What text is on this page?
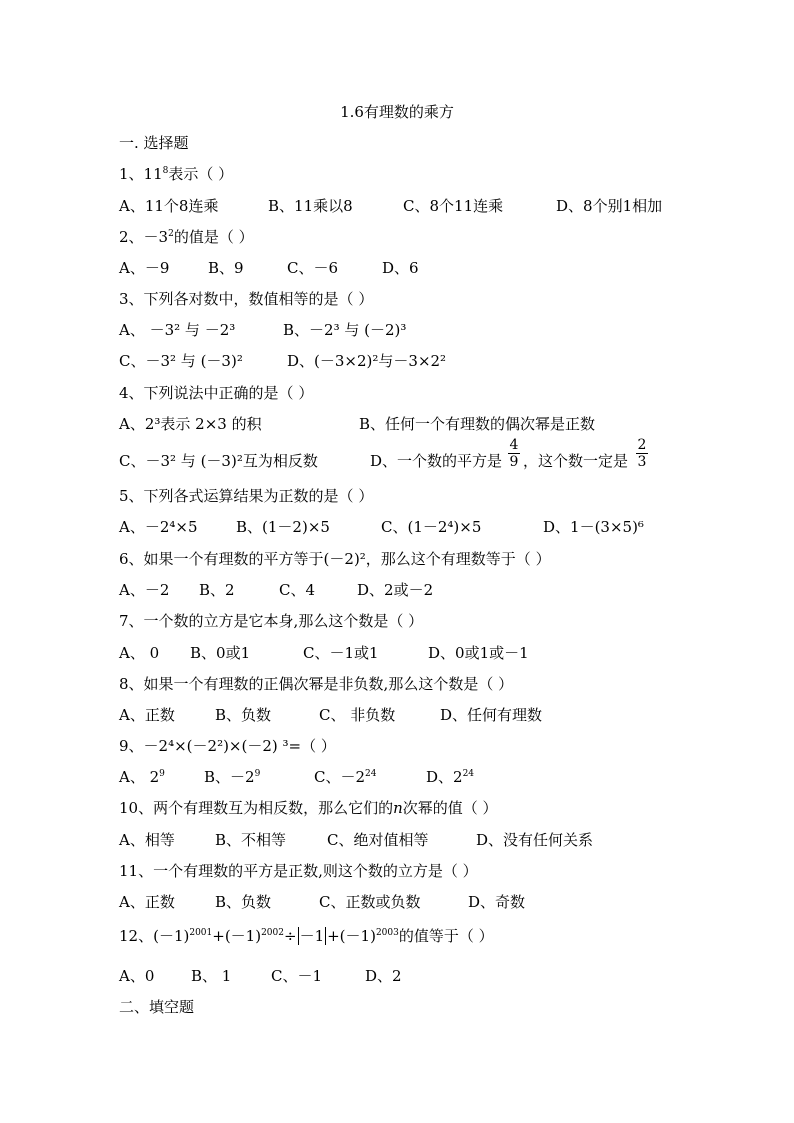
1.6有理数的乘方
一. 选择题
1、$11^8$表示（ ）
A、11个8连乘	B、11乘以8	C、8个11连乘	D、8个别1相加
2、$-3^2$的值是（ ）
A、－9	B、9	C、－6	D、6
3、下列各对数中，数值相等的是（ ）
A、 －3² 与 －2³	B、－2³ 与 (－2)³
C、－3² 与 (－3)²	D、(－3×2)²与－3×2²
4、下列说法中正确的是（ ）
A、2³表示 2×3 的积	B、任何一个有理数的偶次幂是正数
C、－3² 与 (－3)²互为相反数	D、一个数的平方是
4
9 ，这个数一定是
2
3
5、下列各式运算结果为正数的是（ ）
A、－2⁴×5	B、(1－2)×5	C、(1－2⁴)×5	D、1－(3×5)⁶
6、如果一个有理数的平方等于(－2)²，那么这个有理数等于（ ）
A、－2 B、2	C、4	D、2或－2
7、一个数的立方是它本身,那么这个数是（ ）
A、 0 B、0或1	C、－1或1	D、0或1或－1
8、如果一个有理数的正偶次幂是非负数,那么这个数是（ ）
A、正数	B、负数	C、 非负数	D、任何有理数
9、－2⁴×(－2²)×(－2) ³=（ ）
A、 $2^9$	B、$-2^9$	C、$-2^{24}$	D、$2^{24}$
10、两个有理数互为相反数，那么它们的n次幂的值（ ）
A、相等	B、不相等	C、绝对值相等	D、没有任何关系
11、一个有理数的平方是正数,则这个数的立方是（ ）
A、正数	B、负数	C、正数或负数	D、奇数
12、$(-1)^{2001}+(-1)^{2002}\div -1 +(-1)^{2003}$的值等于（ ）
A、0 B、 1	C、－1	D、2
二、填空题
